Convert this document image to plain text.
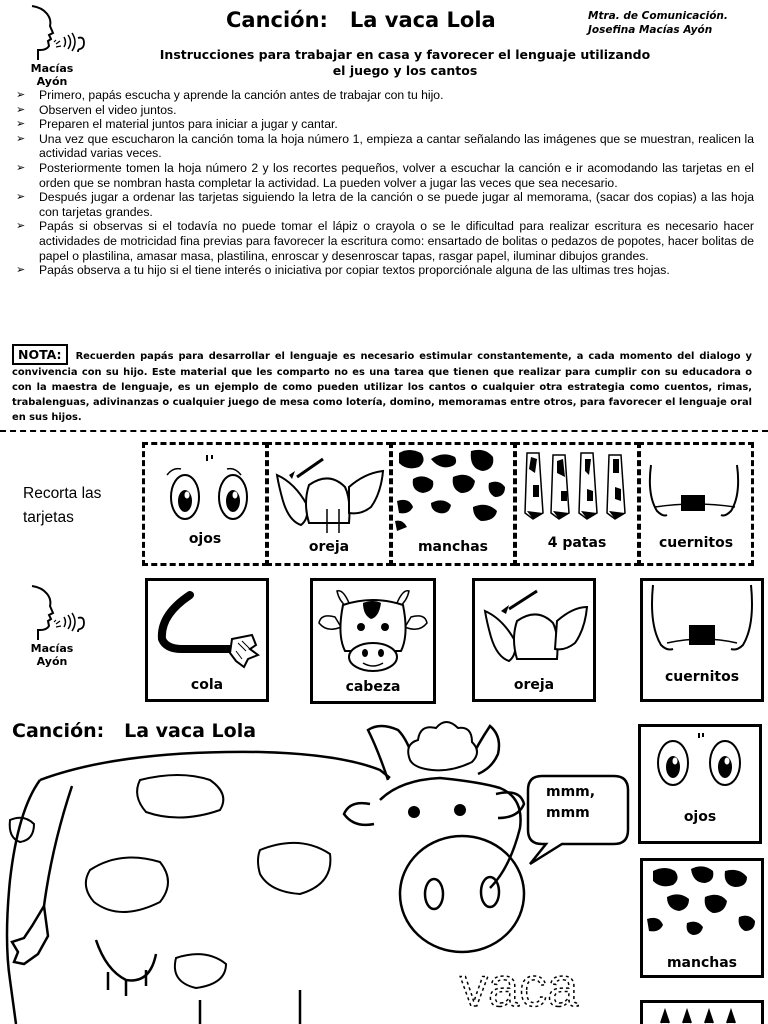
Macías Ayón
Canción:   La vaca Lola	Mtra. de Comunicación.
Josefina Macías Ayón
Instrucciones para trabajar en casa y favorecer el lenguaje utilizando
el juego y los cantos
➢ Primero, papás escucha y aprende la canción antes de trabajar con tu hijo.
➢ Observen el video juntos.
➢ Preparen el material juntos para iniciar a jugar y cantar.
➢ Una vez que escucharon la canción toma la hoja número 1, empieza a cantar señalando las imágenes que se muestran, realicen la actividad varias veces.
➢ Posteriormente tomen la hoja número 2 y los recortes pequeños, volver a escuchar la canción e ir acomodando las tarjetas en el orden que se nombran hasta completar la actividad. La pueden volver a jugar las veces que sea necesario.
➢ Después jugar a ordenar las tarjetas siguiendo la letra de la canción o se puede jugar al memorama, (sacar dos copias) a las hoja con tarjetas grandes.
➢ Papás si observas si el todavía no puede tomar el lápiz o crayola o se le dificultad para realizar escritura es necesario hacer actividades de motricidad fina previas para favorecer la escritura como: ensartado de bolitas o pedazos de popotes, hacer bolitas de papel o plastilina, amasar masa, plastilina, enroscar y desenroscar tapas, rasgar papel, iluminar dibujos grandes.
➢ Papás observa a tu hijo si el tiene interés o iniciativa por copiar textos proporciónale alguna de las ultimas tres hojas.
NOTA: Recuerden papás para desarrollar el lenguaje es necesario estimular constantemente, a cada momento del dialogo y convivencia con su hijo. Este material que les comparto no es una tarea que tienen que realizar para cumplir con su educadora o con la maestra de lenguaje, es un ejemplo de como pueden utilizar los cantos o cualquier otra estrategia como cuentos, rimas, trabalenguas, adivinanzas o cualquier juego de mesa como lotería, domino, memoramas entre otros, para favorecer el lenguaje oral en sus hijos.
Recorta las tarjetas
ojos	oreja	manchas	4 patas	cuernitos
Macías Ayón
cola	cabeza	oreja	cuernitos
Canción:   La vaca Lola
mmm,
mmm
vaca
ojos
manchas
